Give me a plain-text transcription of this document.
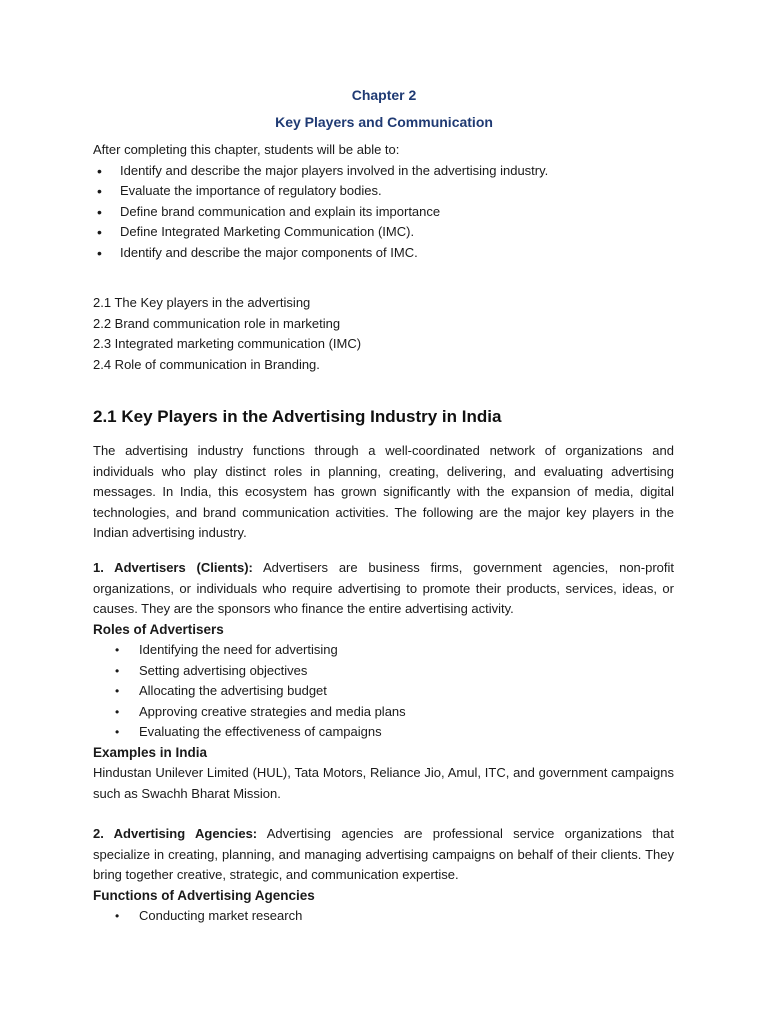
Chapter 2
Key Players and Communication
After completing this chapter, students will be able to:
• Identify and describe the major players involved in the advertising industry.
• Evaluate the importance of regulatory bodies.
• Define brand communication and explain its importance
• Define Integrated Marketing Communication (IMC).
• Identify and describe the major components of IMC.
2.1 The Key players in the advertising
2.2 Brand communication role in marketing
2.3 Integrated marketing communication (IMC)
2.4 Role of communication in Branding.
2.1 Key Players in the Advertising Industry in India

The advertising industry functions through a well-coordinated network of organizations and individuals who play distinct roles in planning, creating, delivering, and evaluating advertising messages. In India, this ecosystem has grown significantly with the expansion of media, digital technologies, and brand communication activities. The following are the major key players in the Indian advertising industry.

1. Advertisers (Clients): Advertisers are business firms, government agencies, non-profit organizations, or individuals who require advertising to promote their products, services, ideas, or causes. They are the sponsors who finance the entire advertising activity.

Roles of Advertisers

• Identifying the need for advertising
• Setting advertising objectives
• Allocating the advertising budget
• Approving creative strategies and media plans
• Evaluating the effectiveness of campaigns

Examples in India

Hindustan Unilever Limited (HUL), Tata Motors, Reliance Jio, Amul, ITC, and government campaigns such as Swachh Bharat Mission.

2. Advertising Agencies: Advertising agencies are professional service organizations that specialize in creating, planning, and managing advertising campaigns on behalf of their clients. They bring together creative, strategic, and communication expertise.

Functions of Advertising Agencies

• Conducting market research
